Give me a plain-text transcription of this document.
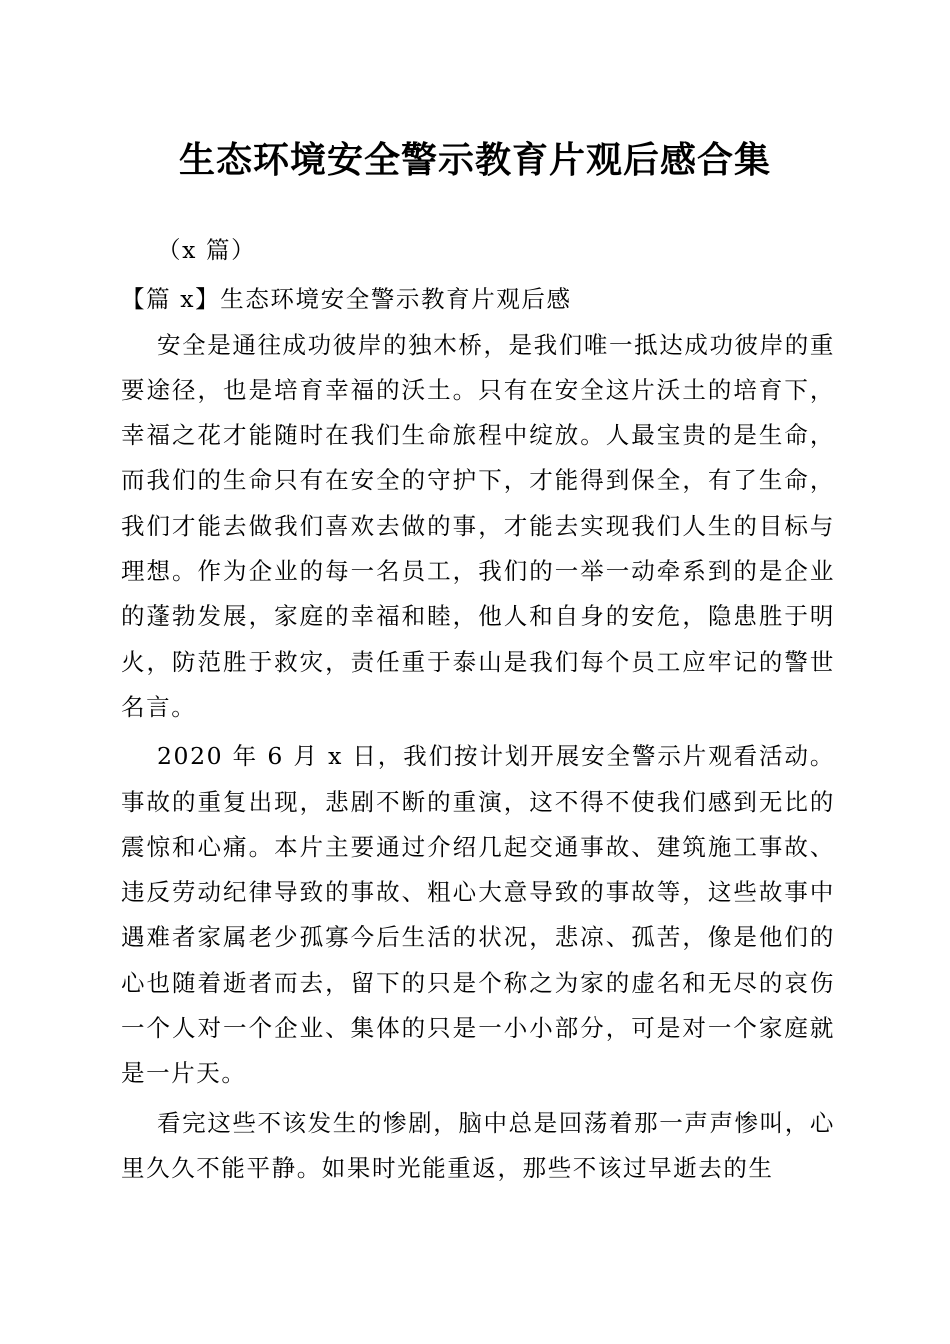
生态环境安全警示教育片观后感合集

（x 篇）

【篇 x】生态环境安全警示教育片观后感

安全是通往成功彼岸的独木桥，是我们唯一抵达成功彼岸的重要途径，也是培育幸福的沃土。只有在安全这片沃土的培育下，幸福之花才能随时在我们生命旅程中绽放。人最宝贵的是生命，而我们的生命只有在安全的守护下，才能得到保全，有了生命，我们才能去做我们喜欢去做的事，才能去实现我们人生的目标与理想。作为企业的每一名员工，我们的一举一动牵系到的是企业的蓬勃发展，家庭的幸福和睦，他人和自身的安危，隐患胜于明火，防范胜于救灾，责任重于泰山是我们每个员工应牢记的警世名言。

2020 年 6 月 x 日，我们按计划开展安全警示片观看活动。事故的重复出现，悲剧不断的重演，这不得不使我们感到无比的震惊和心痛。本片主要通过介绍几起交通事故、建筑施工事故、违反劳动纪律导致的事故、粗心大意导致的事故等，这些故事中遇难者家属老少孤寡今后生活的状况，悲凉、孤苦，像是他们的心也随着逝者而去，留下的只是个称之为家的虚名和无尽的哀伤一个人对一个企业、集体的只是一小小部分，可是对一个家庭就是一片天。

看完这些不该发生的惨剧，脑中总是回荡着那一声声惨叫，心里久久不能平静。如果时光能重返，那些不该过早逝去的生
